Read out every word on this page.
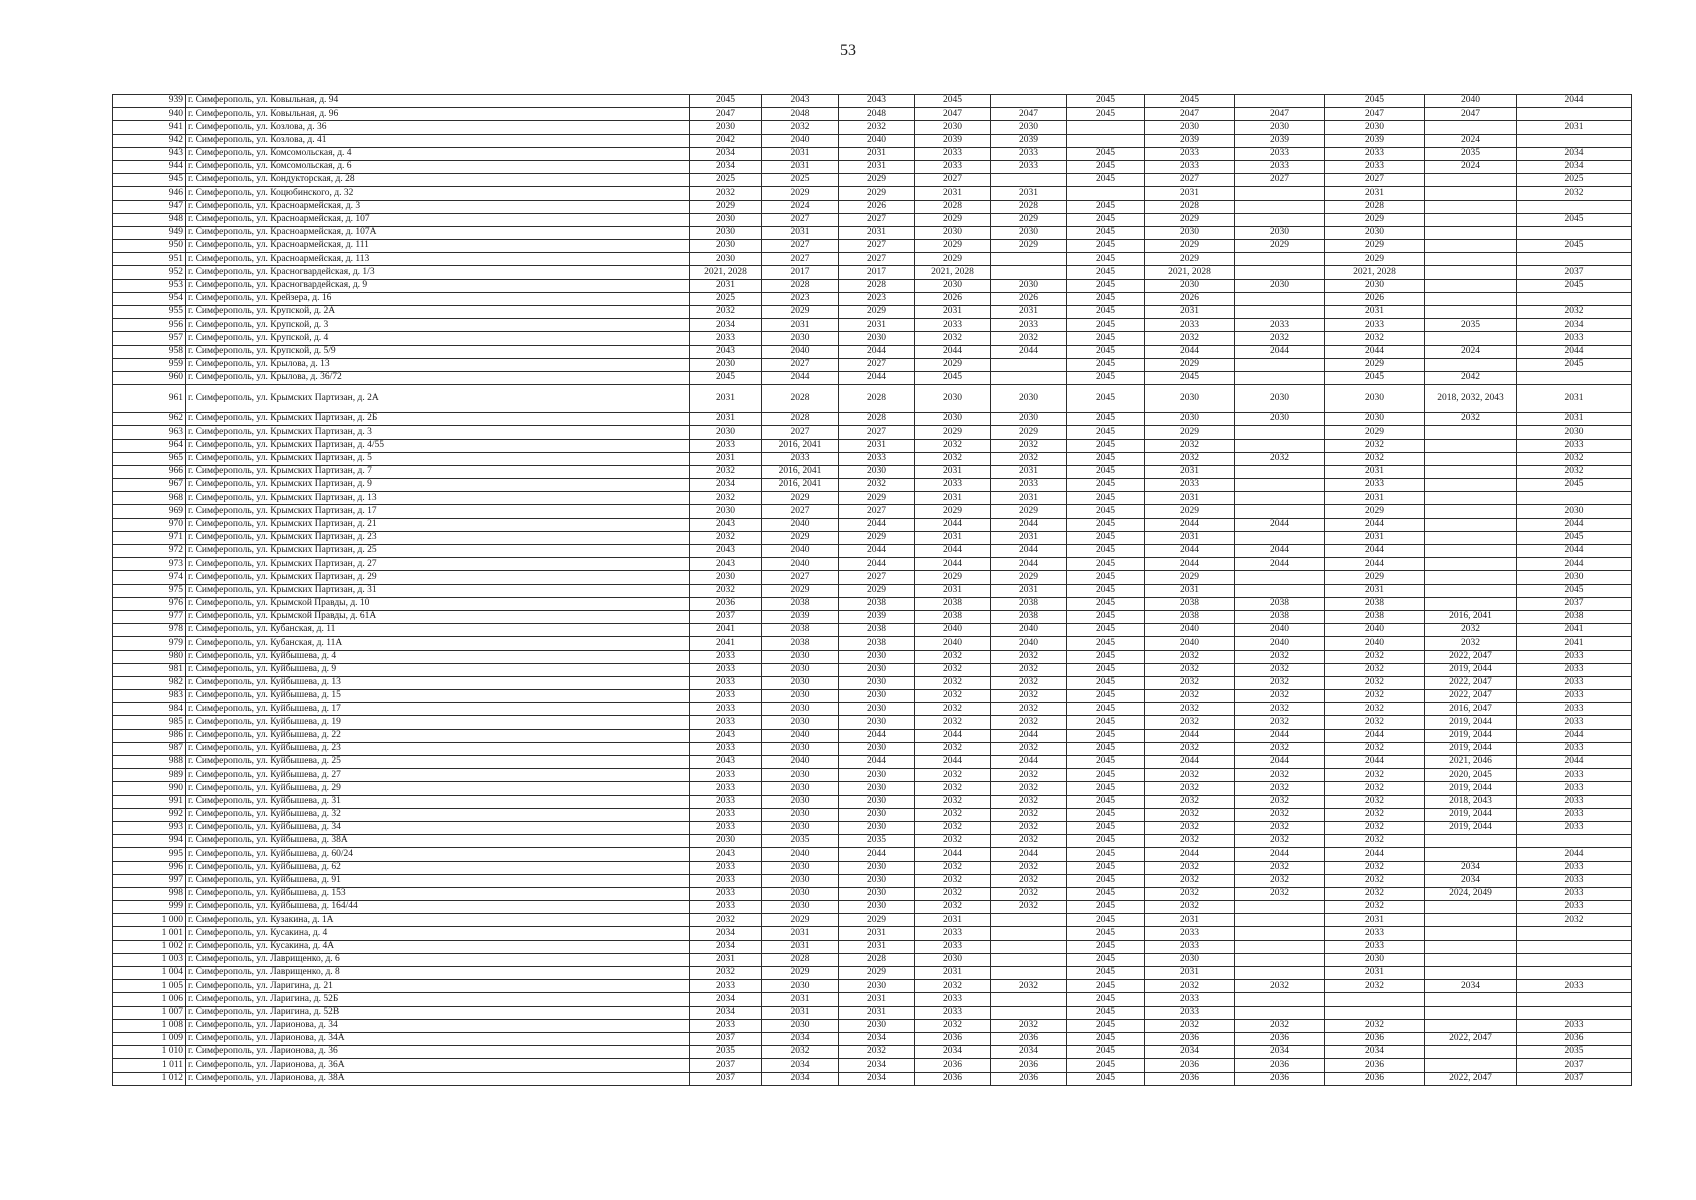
53
939	г. Симферополь, ул. Ковыльная, д. 94	2045	2043	2043	2045		2045	2045		2045	2040	2044
940	г. Симферополь, ул. Ковыльная, д. 96	2047	2048	2048	2047	2047	2045	2047	2047	2047	2047	
941	г. Симферополь, ул. Козлова, д. 36	2030	2032	2032	2030	2030		2030	2030	2030		2031
942	г. Симферополь, ул. Козлова, д. 41	2042	2040	2040	2039	2039		2039	2039	2039	2024	
943	г. Симферополь, ул. Комсомольская, д. 4	2034	2031	2031	2033	2033	2045	2033	2033	2033	2035	2034
944	г. Симферополь, ул. Комсомольская, д. 6	2034	2031	2031	2033	2033	2045	2033	2033	2033	2024	2034
945	г. Симферополь, ул. Кондукторская, д. 28	2025	2025	2029	2027		2045	2027	2027	2027		2025
946	г. Симферополь, ул. Коцюбинского, д. 32	2032	2029	2029	2031	2031		2031		2031		2032
947	г. Симферополь, ул. Красноармейская, д. 3	2029	2024	2026	2028	2028	2045	2028		2028		
948	г. Симферополь, ул. Красноармейская, д. 107	2030	2027	2027	2029	2029	2045	2029		2029		2045
949	г. Симферополь, ул. Красноармейская, д. 107А	2030	2031	2031	2030	2030	2045	2030	2030	2030		
950	г. Симферополь, ул. Красноармейская, д. 111	2030	2027	2027	2029	2029	2045	2029	2029	2029		2045
951	г. Симферополь, ул. Красноармейская, д. 113	2030	2027	2027	2029		2045	2029		2029		
952	г. Симферополь, ул. Красногвардейская, д. 1/3	2021, 2028	2017	2017	2021, 2028		2045	2021, 2028		2021, 2028		2037
953	г. Симферополь, ул. Красногвардейская, д. 9	2031	2028	2028	2030	2030	2045	2030	2030	2030		2045
954	г. Симферополь, ул. Крейзера, д. 16	2025	2023	2023	2026	2026	2045	2026		2026		
955	г. Симферополь, ул. Крупской, д. 2А	2032	2029	2029	2031	2031	2045	2031		2031		2032
956	г. Симферополь, ул. Крупской, д. 3	2034	2031	2031	2033	2033	2045	2033	2033	2033	2035	2034
957	г. Симферополь, ул. Крупской, д. 4	2033	2030	2030	2032	2032	2045	2032	2032	2032		2033
958	г. Симферополь, ул. Крупской, д. 5/9	2043	2040	2044	2044	2044	2045	2044	2044	2044	2024	2044
959	г. Симферополь, ул. Крылова, д. 13	2030	2027	2027	2029		2045	2029		2029		2045
960	г. Симферополь, ул. Крылова, д. 36/72	2045	2044	2044	2045		2045	2045		2045	2042	
961	г. Симферополь, ул. Крымских Партизан, д. 2А	2031	2028	2028	2030	2030	2045	2030	2030	2030	2018, 2032, 2043	2031
962	г. Симферополь, ул. Крымских Партизан, д. 2Б	2031	2028	2028	2030	2030	2045	2030	2030	2030	2032	2031
963	г. Симферополь, ул. Крымских Партизан, д. 3	2030	2027	2027	2029	2029	2045	2029		2029		2030
964	г. Симферополь, ул. Крымских Партизан, д. 4/55	2033	2016, 2041	2031	2032	2032	2045	2032		2032		2033
965	г. Симферополь, ул. Крымских Партизан, д. 5	2031	2033	2033	2032	2032	2045	2032	2032	2032		2032
966	г. Симферополь, ул. Крымских Партизан, д. 7	2032	2016, 2041	2030	2031	2031	2045	2031		2031		2032
967	г. Симферополь, ул. Крымских Партизан, д. 9	2034	2016, 2041	2032	2033	2033	2045	2033		2033		2045
968	г. Симферополь, ул. Крымских Партизан, д. 13	2032	2029	2029	2031	2031	2045	2031		2031		
969	г. Симферополь, ул. Крымских Партизан, д. 17	2030	2027	2027	2029	2029	2045	2029		2029		2030
970	г. Симферополь, ул. Крымских Партизан, д. 21	2043	2040	2044	2044	2044	2045	2044	2044	2044		2044
971	г. Симферополь, ул. Крымских Партизан, д. 23	2032	2029	2029	2031	2031	2045	2031		2031		2045
972	г. Симферополь, ул. Крымских Партизан, д. 25	2043	2040	2044	2044	2044	2045	2044	2044	2044		2044
973	г. Симферополь, ул. Крымских Партизан, д. 27	2043	2040	2044	2044	2044	2045	2044	2044	2044		2044
974	г. Симферополь, ул. Крымских Партизан, д. 29	2030	2027	2027	2029	2029	2045	2029		2029		2030
975	г. Симферополь, ул. Крымских Партизан, д. 31	2032	2029	2029	2031	2031	2045	2031		2031		2045
976	г. Симферополь, ул. Крымской Правды, д. 10	2036	2038	2038	2038	2038	2045	2038	2038	2038		2037
977	г. Симферополь, ул. Крымской Правды, д. 61А	2037	2039	2039	2038	2038	2045	2038	2038	2038	2016, 2041	2038
978	г. Симферополь, ул. Кубанская, д. 11	2041	2038	2038	2040	2040	2045	2040	2040	2040	2032	2041
979	г. Симферополь, ул. Кубанская, д. 11А	2041	2038	2038	2040	2040	2045	2040	2040	2040	2032	2041
980	г. Симферополь, ул. Куйбышева, д. 4	2033	2030	2030	2032	2032	2045	2032	2032	2032	2022, 2047	2033
981	г. Симферополь, ул. Куйбышева, д. 9	2033	2030	2030	2032	2032	2045	2032	2032	2032	2019, 2044	2033
982	г. Симферополь, ул. Куйбышева, д. 13	2033	2030	2030	2032	2032	2045	2032	2032	2032	2022, 2047	2033
983	г. Симферополь, ул. Куйбышева, д. 15	2033	2030	2030	2032	2032	2045	2032	2032	2032	2022, 2047	2033
984	г. Симферополь, ул. Куйбышева, д. 17	2033	2030	2030	2032	2032	2045	2032	2032	2032	2016, 2047	2033
985	г. Симферополь, ул. Куйбышева, д. 19	2033	2030	2030	2032	2032	2045	2032	2032	2032	2019, 2044	2033
986	г. Симферополь, ул. Куйбышева, д. 22	2043	2040	2044	2044	2044	2045	2044	2044	2044	2019, 2044	2044
987	г. Симферополь, ул. Куйбышева, д. 23	2033	2030	2030	2032	2032	2045	2032	2032	2032	2019, 2044	2033
988	г. Симферополь, ул. Куйбышева, д. 25	2043	2040	2044	2044	2044	2045	2044	2044	2044	2021, 2046	2044
989	г. Симферополь, ул. Куйбышева, д. 27	2033	2030	2030	2032	2032	2045	2032	2032	2032	2020, 2045	2033
990	г. Симферополь, ул. Куйбышева, д. 29	2033	2030	2030	2032	2032	2045	2032	2032	2032	2019, 2044	2033
991	г. Симферополь, ул. Куйбышева, д. 31	2033	2030	2030	2032	2032	2045	2032	2032	2032	2018, 2043	2033
992	г. Симферополь, ул. Куйбышева, д. 32	2033	2030	2030	2032	2032	2045	2032	2032	2032	2019, 2044	2033
993	г. Симферополь, ул. Куйбышева, д. 34	2033	2030	2030	2032	2032	2045	2032	2032	2032	2019, 2044	2033
994	г. Симферополь, ул. Куйбышева, д. 38А	2030	2035	2035	2032	2032	2045	2032	2032	2032		
995	г. Симферополь, ул. Куйбышева, д. 60/24	2043	2040	2044	2044	2044	2045	2044	2044	2044		2044
996	г. Симферополь, ул. Куйбышева, д. 62	2033	2030	2030	2032	2032	2045	2032	2032	2032	2034	2033
997	г. Симферополь, ул. Куйбышева, д. 91	2033	2030	2030	2032	2032	2045	2032	2032	2032	2034	2033
998	г. Симферополь, ул. Куйбышева, д. 153	2033	2030	2030	2032	2032	2045	2032	2032	2032	2024, 2049	2033
999	г. Симферополь, ул. Куйбышева, д. 164/44	2033	2030	2030	2032	2032	2045	2032		2032		2033
1 000	г. Симферополь, ул. Кузакина, д. 1А	2032	2029	2029	2031		2045	2031		2031		2032
1 001	г. Симферополь, ул. Кусакина, д. 4	2034	2031	2031	2033		2045	2033		2033		
1 002	г. Симферополь, ул. Кусакина, д. 4А	2034	2031	2031	2033		2045	2033		2033		
1 003	г. Симферополь, ул. Лаврищенко, д. 6	2031	2028	2028	2030		2045	2030		2030		
1 004	г. Симферополь, ул. Лаврищенко, д. 8	2032	2029	2029	2031		2045	2031		2031		
1 005	г. Симферополь, ул. Ларигина, д. 21	2033	2030	2030	2032	2032	2045	2032	2032	2032	2034	2033
1 006	г. Симферополь, ул. Ларигина, д. 52Б	2034	2031	2031	2033		2045	2033				
1 007	г. Симферополь, ул. Ларигина, д. 52В	2034	2031	2031	2033		2045	2033				
1 008	г. Симферополь, ул. Ларионова, д. 34	2033	2030	2030	2032	2032	2045	2032	2032	2032		2033
1 009	г. Симферополь, ул. Ларионова, д. 34А	2037	2034	2034	2036	2036	2045	2036	2036	2036	2022, 2047	2036
1 010	г. Симферополь, ул. Ларионова, д. 36	2035	2032	2032	2034	2034	2045	2034	2034	2034		2035
1 011	г. Симферополь, ул. Ларионова, д. 36А	2037	2034	2034	2036	2036	2045	2036	2036	2036		2037
1 012	г. Симферополь, ул. Ларионова, д. 38А	2037	2034	2034	2036	2036	2045	2036	2036	2036	2022, 2047	2037
